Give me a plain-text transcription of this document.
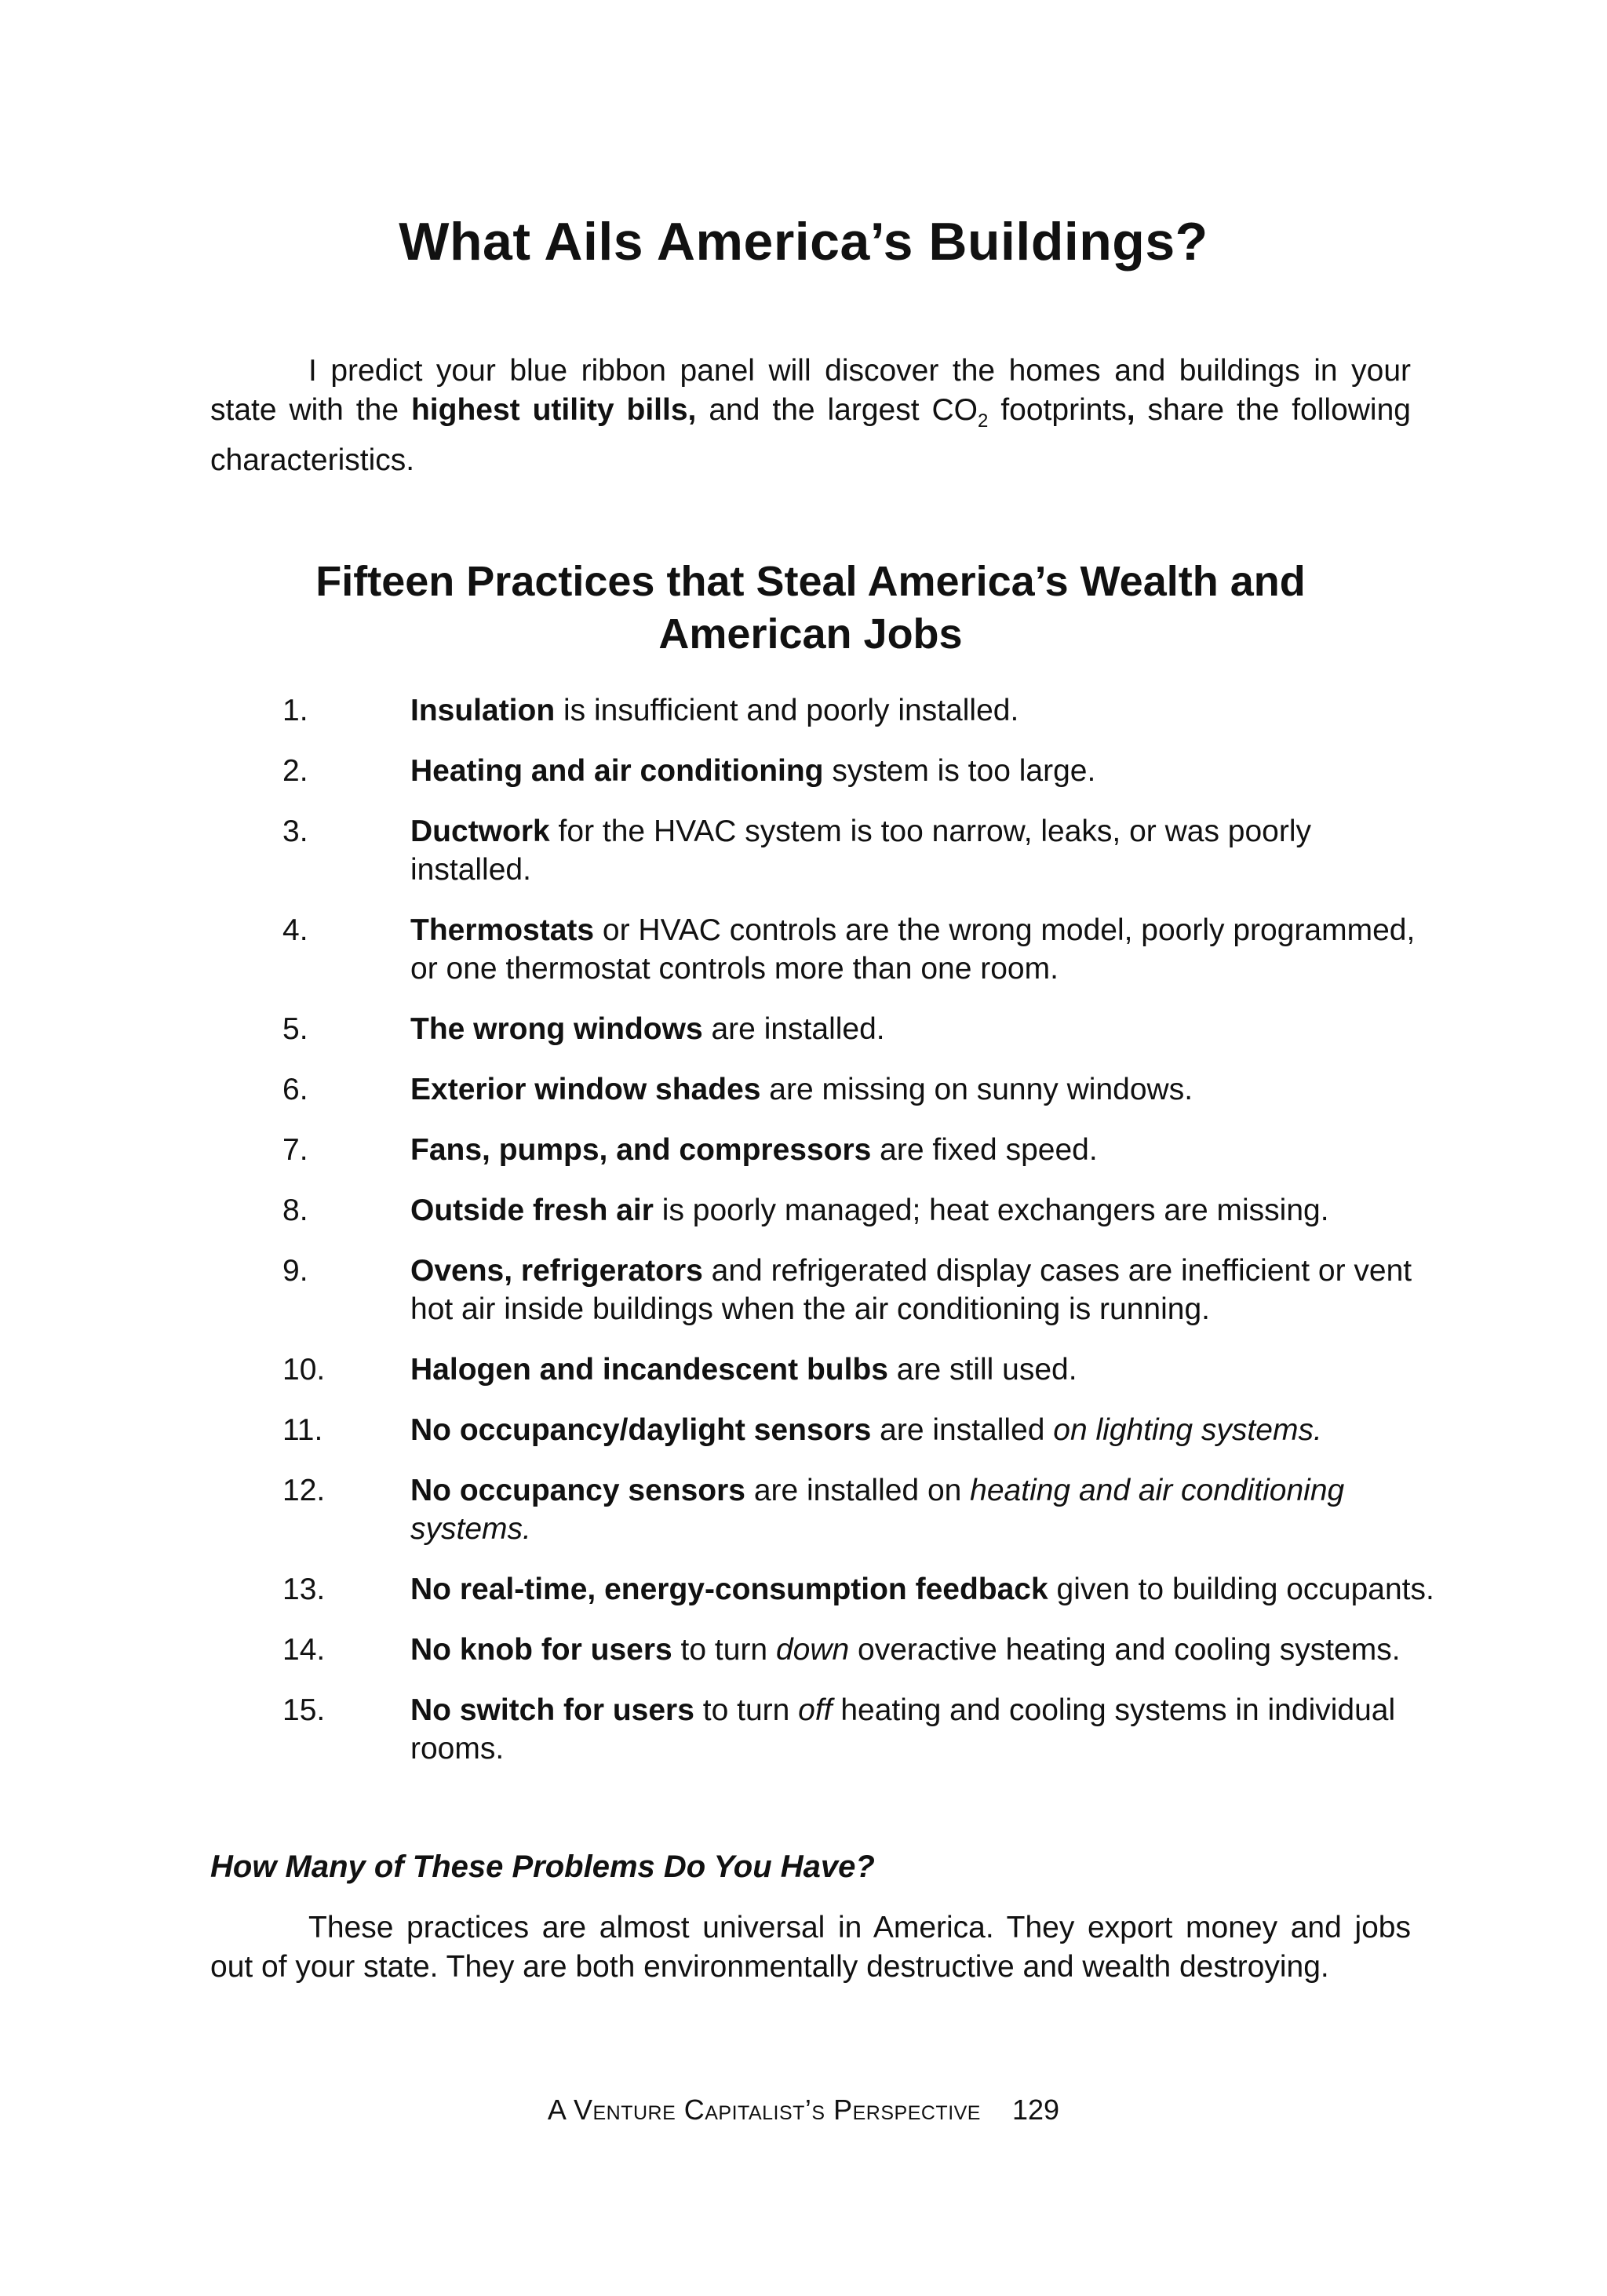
What Ails America’s Buildings?

I predict your blue ribbon panel will discover the homes and buildings in your state with the highest utility bills, and the largest $CO_2$ footprints, share the following characteristics.

Fifteen Practices that Steal America’s Wealth and
American Jobs
1.	Insulation is insufficient and poorly installed.
2.	Heating and air conditioning system is too large.
3.	Ductwork for the HVAC system is too narrow, leaks, or was poorly installed.
4.	Thermostats or HVAC controls are the wrong model, poorly programmed, or one thermostat controls more than one room.
5.	The wrong windows are installed.
6.	Exterior window shades are missing on sunny windows.
7.	Fans, pumps, and compressors are fixed speed.
8.	Outside fresh air is poorly managed; heat exchangers are missing.
9.	Ovens, refrigerators and refrigerated display cases are inefficient or vent hot air inside buildings when the air conditioning is running.
10.	Halogen and incandescent bulbs are still used.
11.	No occupancy/daylight sensors are installed on lighting systems.
12.	No occupancy sensors are installed on heating and air conditioning systems.
13.	No real-time, energy-consumption feedback given to building occupants.
14.	No knob for users to turn down overactive heating and cooling systems.
15.	No switch for users to turn off heating and cooling systems in individual rooms.
How Many of These Problems Do You Have?

These practices are almost universal in America. They export money and jobs out of your state. They are both environmentally destructive and wealth destroying.

A Venture Capitalist’s Perspective 129
